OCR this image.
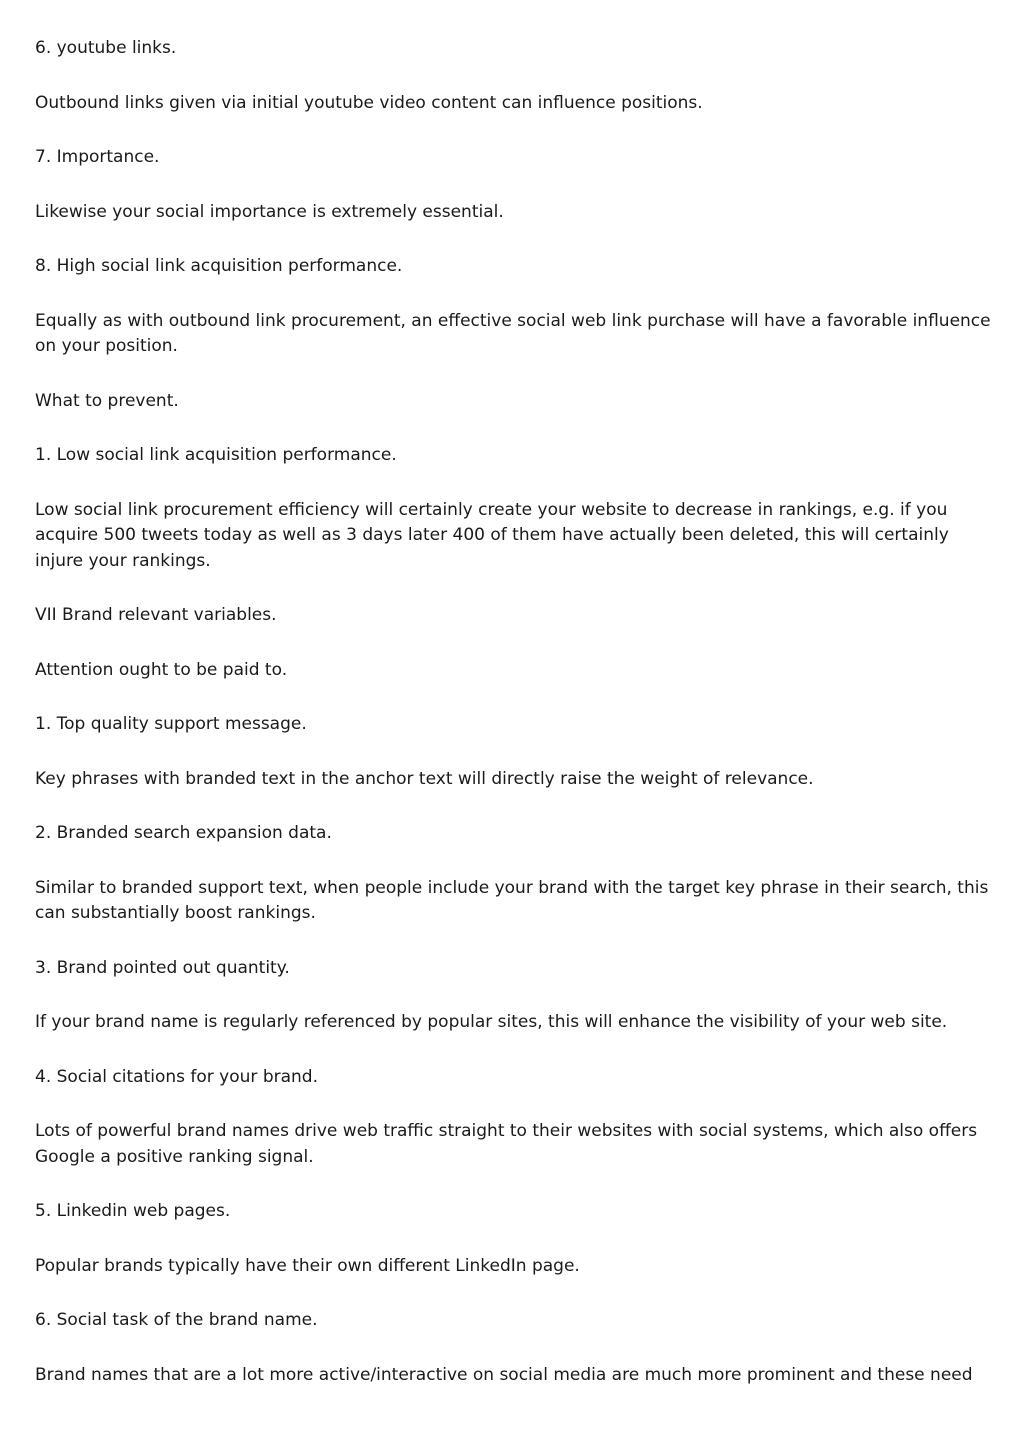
6. youtube links.

Outbound links given via initial youtube video content can influence positions.

7. Importance.

Likewise your social importance is extremely essential.

8. High social link acquisition performance.

Equally as with outbound link procurement, an effective social web link purchase will have a favorable influence on your position.

What to prevent.

1. Low social link acquisition performance.

Low social link procurement efficiency will certainly create your website to decrease in rankings, e.g. if you acquire 500 tweets today as well as 3 days later 400 of them have actually been deleted, this will certainly injure your rankings.

VII Brand relevant variables.

Attention ought to be paid to.

1. Top quality support message.

Key phrases with branded text in the anchor text will directly raise the weight of relevance.

2. Branded search expansion data.

Similar to branded support text, when people include your brand with the target key phrase in their search, this can substantially boost rankings.

3. Brand pointed out quantity.

If your brand name is regularly referenced by popular sites, this will enhance the visibility of your web site.

4. Social citations for your brand.

Lots of powerful brand names drive web traffic straight to their websites with social systems, which also offers Google a positive ranking signal.

5. Linkedin web pages.

Popular brands typically have their own different LinkedIn page.

6. Social task of the brand name.

Brand names that are a lot more active/interactive on social media are much more prominent and these need
